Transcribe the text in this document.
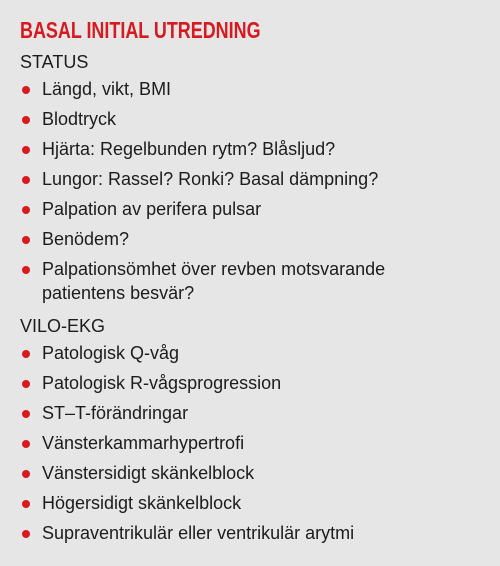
BASAL INITIAL UTREDNING
STATUS
Längd, vikt, BMI
Blodtryck
Hjärta: Regelbunden rytm? Blåsljud?
Lungor: Rassel? Ronki? Basal dämpning?
Palpation av perifera pulsar
Benödem?
Palpationsömhet över revben motsvarande
patientens besvär?
VILO-EKG
Patologisk Q-våg
Patologisk R-vågsprogression
ST–T-förändringar
Vänsterkammarhypertrofi
Vänstersidigt skänkelblock
Högersidigt skänkelblock
Supraventrikulär eller ventrikulär arytmi
